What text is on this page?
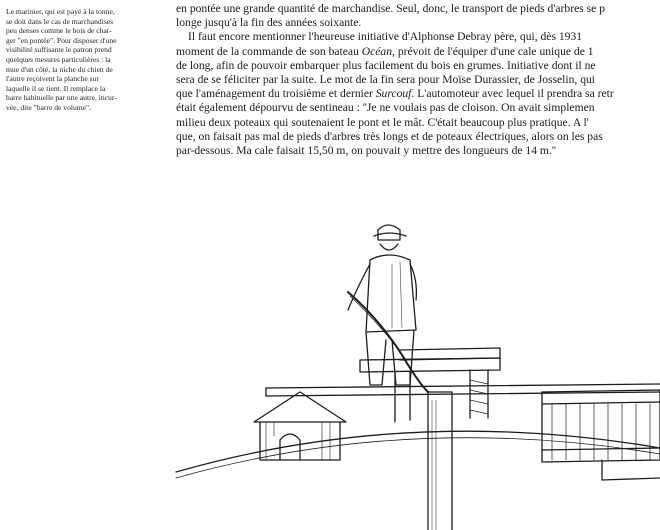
Le marinier, qui est payé à la tonne,

se doit dans le cas de marchandises

peu denses comme le bois de char-

ger "en pontée". Pour disposer d'une

visibilité suffisante le patron prend

quelques mesures particulières : la

mue d'un côté, la niche du chien de

l'autre reçoivent la planche sur

laquelle il se tient. Il remplace la

barre habituelle par une autre, incur-

vée, dite "barre de volume".

en pontée une grande quantité de marchandise. Seul, donc, le transport de pieds d'arbres se p
longe jusqu'à la fin des années soixante.
Il faut encore mentionner l'heureuse initiative d'Alphonse Debray père, qui, dès 1931
moment de la commande de son bateau Océan, prévoit de l'équiper d'une cale unique de 1
de long, afin de pouvoir embarquer plus facilement du bois en grumes. Initiative dont il ne
sera de se féliciter par la suite. Le mot de la fin sera pour Moïse Durassier, de Josselin, qui
que l'aménagement du troisième et dernier Surcouf. L'automoteur avec lequel il prendra sa retr
était également dépourvu de sentineau : ''Je ne voulais pas de cloison. On avait simplemen
milieu deux poteaux qui soutenaient le pont et le mât. C'était beaucoup plus pratique. A l'
que, on faisait pas mal de pieds d'arbres très longs et de poteaux électriques, alors on les pas
par-dessous. Ma cale faisait 15,50 m, on pouvait y mettre des longueurs de 14 m.''
